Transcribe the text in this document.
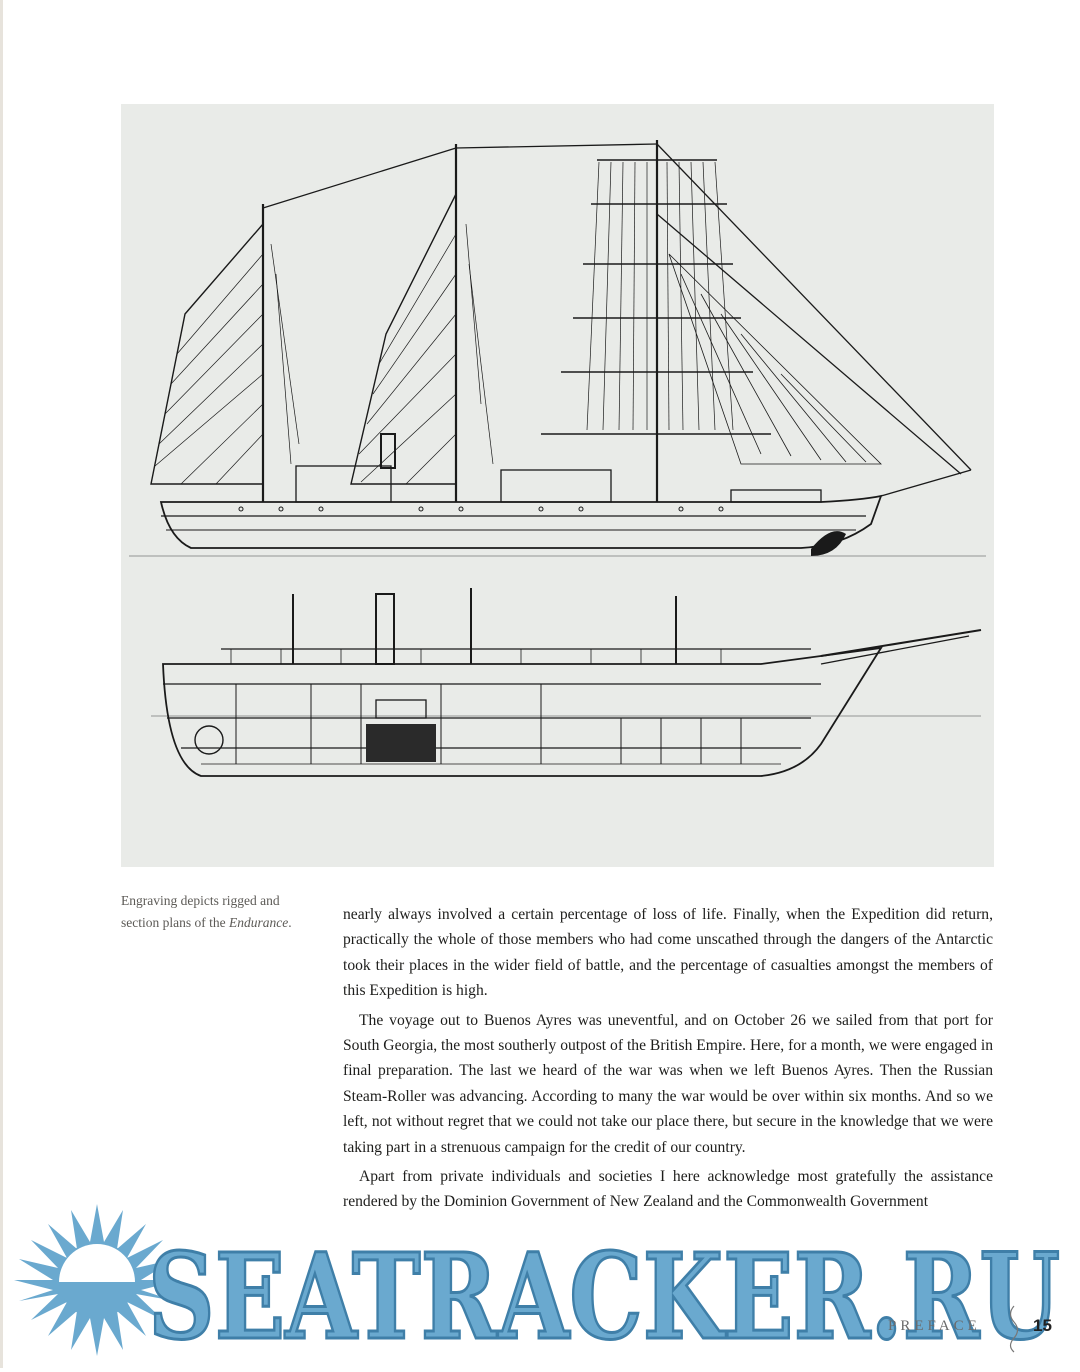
Engraving depicts rigged and section plans of the Endurance.	nearly always involved a certain percentage of loss of life. Finally, when the Expedition did return, practically the whole of those members who had come unscathed through the dangers of the Antarctic took their places in the wider field of battle, and the percentage of casualties amongst the members of this Expedition is high.

The voyage out to Buenos Ayres was uneventful, and on October 26 we sailed from that port for South Georgia, the most southerly outpost of the British Empire. Here, for a month, we were engaged in final preparation. The last we heard of the war was when we left Buenos Ayres. Then the Russian Steam-Roller was advancing. According to many the war would be over within six months. And so we left, not without regret that we could not take our place there, but secure in the knowledge that we were taking part in a strenuous campaign for the credit of our country.

Apart from private individuals and societies I here acknowledge most gratefully the assistance rendered by the Dominion Government of New Zealand and the Commonwealth Government

SEATRACKER.RU
PREFACE	15
